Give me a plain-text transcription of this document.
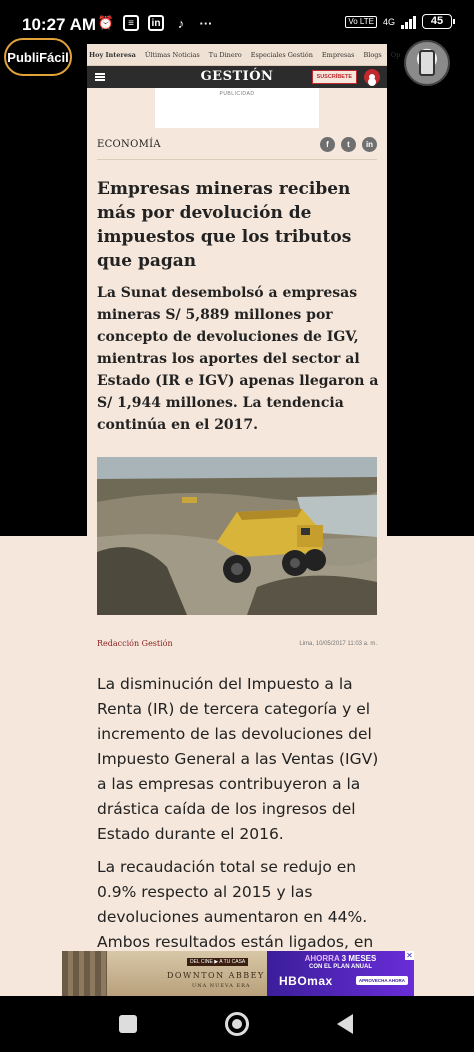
10:27 AM ⏰	≡	in	♪	···	Vo LTE	4G	45
PubliFácil	Hoy Interesa Últimas Noticias Tu Dinero Especiales Gestión Empresas Blogs Op
GESTIÓN	SUSCRÍBETE
PUBLICIDAD
ECONOMÍA	f	t	in
Empresas mineras reciben más por devolución de impuestos que los tributos que pagan

La Sunat desembolsó a empresas mineras S/ 5,889 millones por concepto de devoluciones de IGV, mientras los aportes del sector al Estado (IR e IGV) apenas llegaron a S/ 1,944 millones. La tendencia continúa en el 2017.

Redacción Gestión	Lima, 10/05/2017 11:03 a. m.

La disminución del Impuesto a la Renta (IR) de tercera categoría y el incremento de las devoluciones del Impuesto General a las Ventas (IGV) a las empresas contribuyeron a la drástica caída de los ingresos del Estado durante el 2016.

La recaudación total se redujo en 0.9% respecto al 2015 y las devoluciones aumentaron en 44%. Ambos resultados están ligados, en

DEL CINE ▶ A TU CASA
DOWNTON ABBEY
UNA NUEVA ERA
AHORRA 3 MESES
CON EL PLAN ANUAL
HBOmax	APROVECHA AHORA
✕
